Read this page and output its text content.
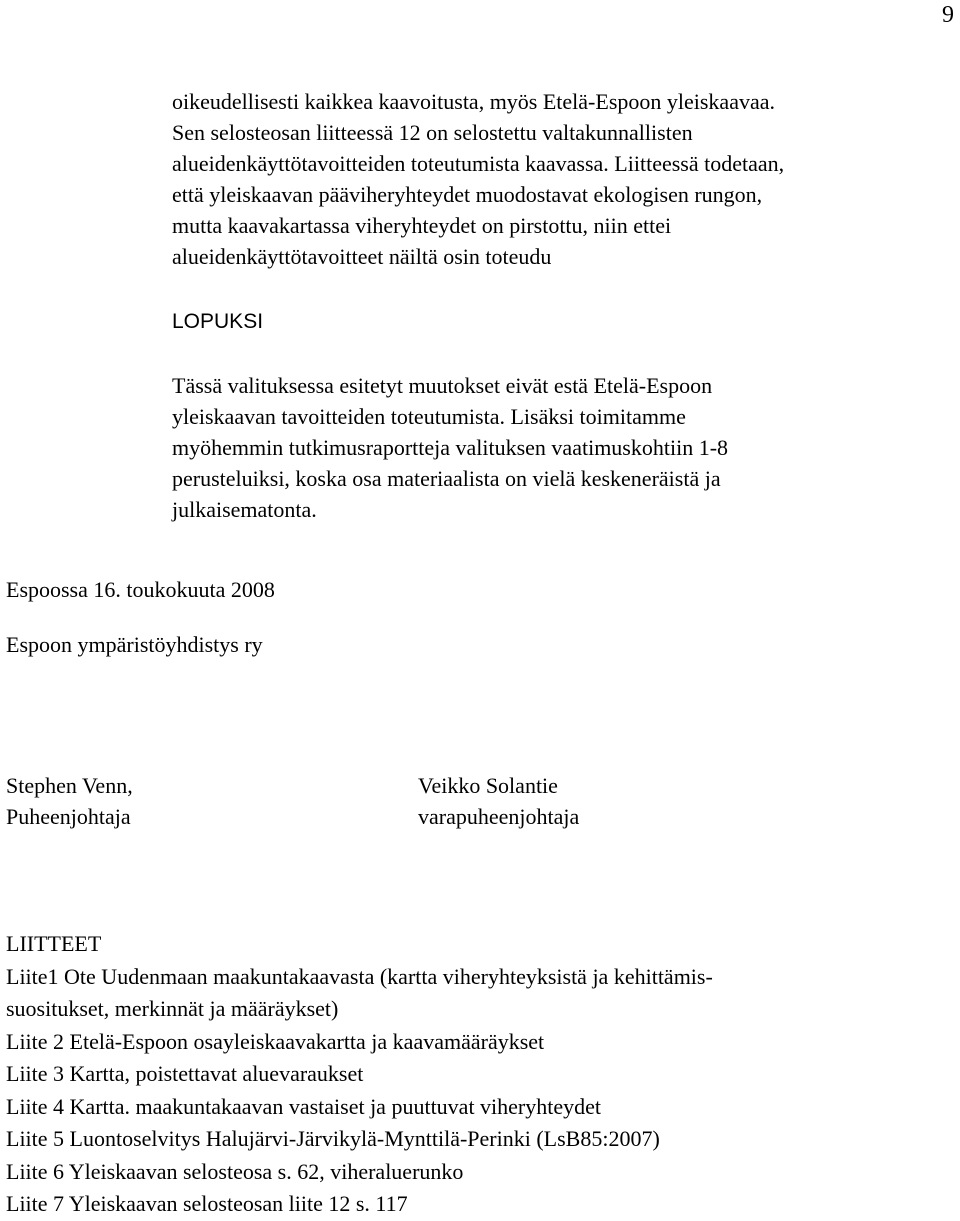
9
oikeudellisesti kaikkea kaavoitusta, myös Etelä-Espoon yleiskaavaa.
Sen selosteosan liitteessä 12 on selostettu valtakunnallisten
alueidenkäyttötavoitteiden toteutumista kaavassa. Liitteessä todetaan,
että yleiskaavan pääviheryhteydet muodostavat ekologisen rungon,
mutta kaavakartassa viheryhteydet on pirstottu, niin ettei
alueidenkäyttötavoitteet näiltä osin toteudu
LOPUKSI
Tässä valituksessa esitetyt muutokset eivät estä Etelä-Espoon
yleiskaavan tavoitteiden toteutumista. Lisäksi toimitamme
myöhemmin tutkimusraportteja valituksen vaatimuskohtiin 1-8
perusteluiksi, koska osa materiaalista on vielä keskeneräistä ja
julkaisematonta.
Espoossa 16. toukokuuta 2008
Espoon ympäristöyhdistys ry
Stephen Venn,
Puheenjohtaja
Veikko Solantie
varapuheenjohtaja
LIITTEET
Liite1 Ote Uudenmaan maakuntakaavasta (kartta viheryhteyksistä ja kehittämis-
suositukset, merkinnät ja määräykset)
Liite 2 Etelä-Espoon osayleiskaavakartta ja kaavamääräykset
Liite 3 Kartta, poistettavat aluevaraukset
Liite 4 Kartta. maakuntakaavan vastaiset ja puuttuvat viheryhteydet
Liite 5 Luontoselvitys Halujärvi-Järvikylä-Mynttilä-Perinki (LsB85:2007)
Liite 6 Yleiskaavan selosteosa s. 62, viheraluerunko
Liite 7 Yleiskaavan selosteosan liite 12 s. 117
